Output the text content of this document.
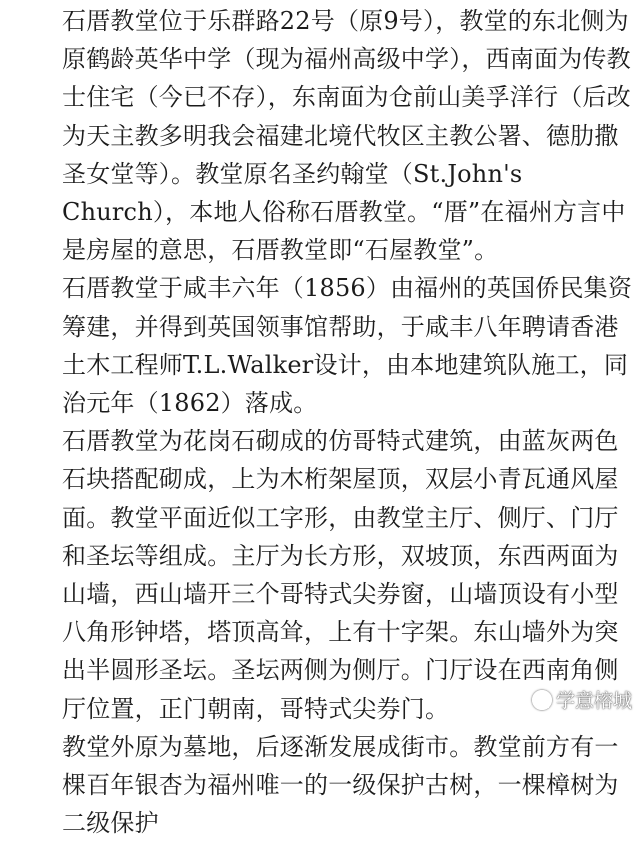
石厝教堂位于乐群路22号（原9号），教堂的东北侧为原鹤龄英华中学（现为福州高级中学），西南面为传教士住宅（今已不存），东南面为仓前山美孚洋行（后改为天主教多明我会福建北境代牧区主教公署、德肋撒圣女堂等）。教堂原名圣约翰堂（St.John's Church），本地人俗称石厝教堂。“厝”在福州方言中是房屋的意思，石厝教堂即“石屋教堂”。

石厝教堂于咸丰六年（1856）由福州的英国侨民集资筹建，并得到英国领事馆帮助，于咸丰八年聘请香港土木工程师T.L.Walker设计，由本地建筑队施工，同治元年（1862）落成。

石厝教堂为花岗石砌成的仿哥特式建筑，由蓝灰两色石块搭配砌成，上为木桁架屋顶，双层小青瓦通风屋面。教堂平面近似工字形，由教堂主厅、侧厅、门厅和圣坛等组成。主厅为长方形，双坡顶，东西两面为山墙，西山墙开三个哥特式尖券窗，山墙顶设有小型八角形钟塔，塔顶高耸，上有十字架。东山墙外为突出半圆形圣坛。圣坛两侧为侧厅。门厅设在西南角侧厅位置，正门朝南，哥特式尖券门。

教堂外原为墓地，后逐渐发展成街市。教堂前方有一棵百年银杏为福州唯一的一级保护古树，一棵樟树为二级保护

学意榕城
